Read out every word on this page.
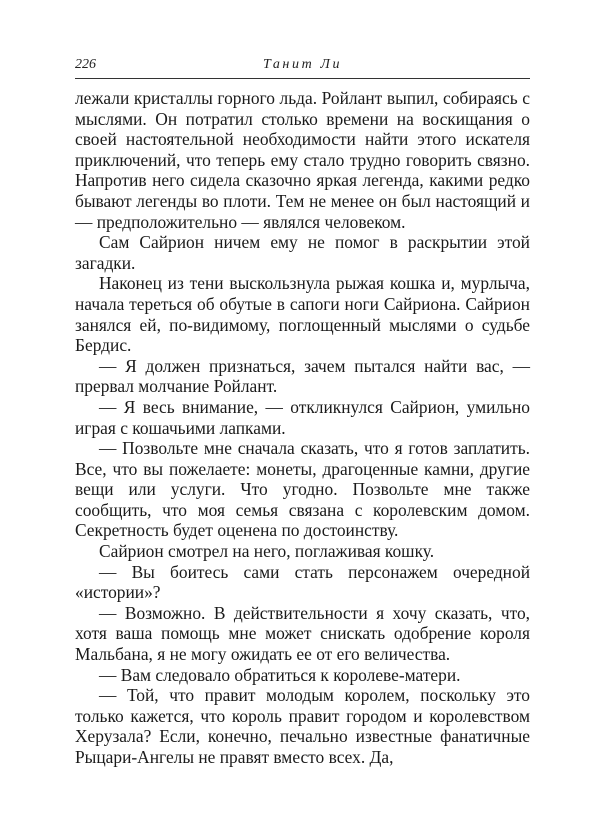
226	Танит Ли

лежали кристаллы горного льда. Ройлант выпил, собираясь с мыслями. Он потратил столько времени на воскищания о своей настоятельной необходимости найти этого искателя приключений, что теперь ему стало трудно говорить связно. Напротив него сидела сказочно яркая легенда, какими редко бывают легенды во плоти. Тем не менее он был настоящий и — предположительно — являлся человеком.

Сам Сайрион ничем ему не помог в раскрытии этой загадки.

Наконец из тени выскользнула рыжая кошка и, мурлыча, начала тереться об обутые в сапоги ноги Сайриона. Сайрион занялся ей, по-видимому, поглощенный мыслями о судьбе Бердис.

— Я должен признаться, зачем пытался найти вас, — прервал молчание Ройлант.

— Я весь внимание, — откликнулся Сайрион, умильно играя с кошачьими лапками.

— Позвольте мне сначала сказать, что я готов заплатить. Все, что вы пожелаете: монеты, драгоценные камни, другие вещи или услуги. Что угодно. Позвольте мне также сообщить, что моя семья связана с королевским домом. Секретность будет оценена по достоинству.

Сайрион смотрел на него, поглаживая кошку.

— Вы боитесь сами стать персонажем очередной «истории»?

— Возможно. В действительности я хочу сказать, что, хотя ваша помощь мне может снискать одобрение короля Мальбана, я не могу ожидать ее от его величества.

— Вам следовало обратиться к королеве-матери.

— Той, что правит молодым королем, поскольку это только кажется, что король правит городом и королевством Херузала? Если, конечно, печально известные фанатичные Рыцари-Ангелы не правят вместо всех. Да,
